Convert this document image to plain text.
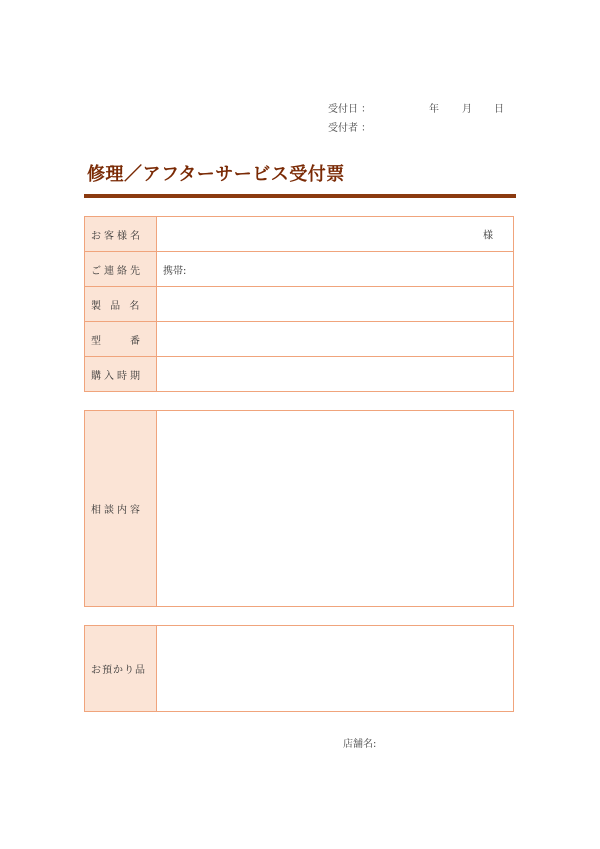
受付日 ：	年 月 日
受付者 ：
修理／アフターサービス受付票
お客様名	様
ご連絡先	携帯:
製 品 名
型　　番
購入時期
相談内容
お預かり品
店舗名:
